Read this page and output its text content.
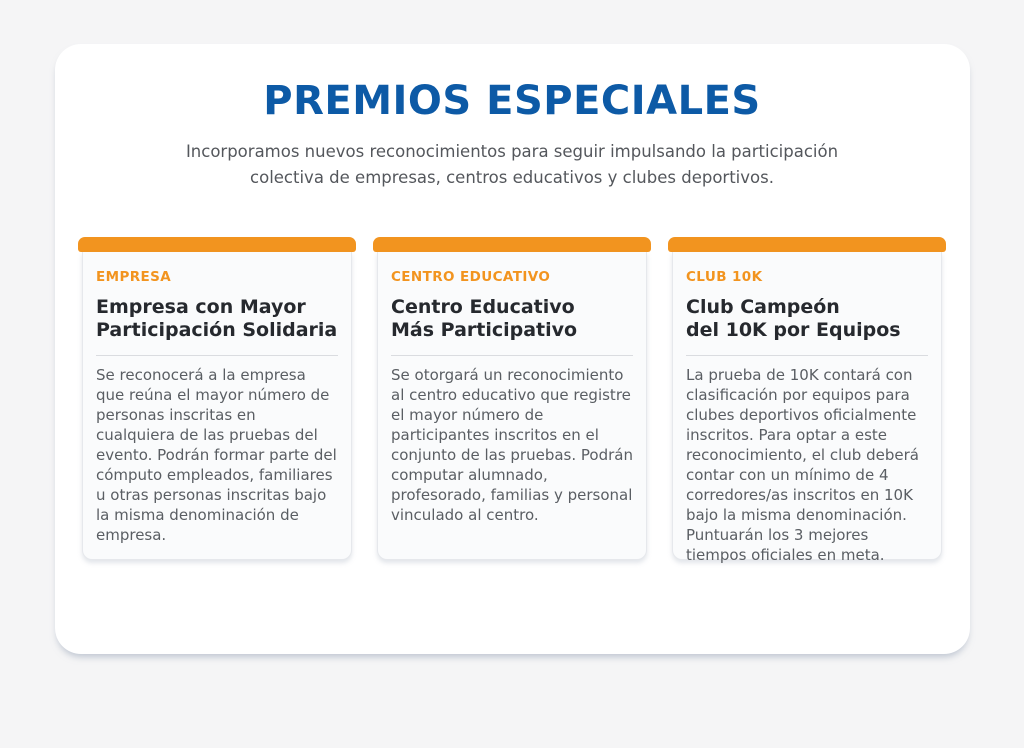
PREMIOS ESPECIALES

Incorporamos nuevos reconocimientos para seguir impulsando la participación
colectiva de empresas, centros educativos y clubes deportivos.

EMPRESA
Empresa con Mayor
Participación Solidaria

Se reconocerá a la empresa que reúna el mayor número de personas inscritas en cualquiera de las pruebas del evento. Podrán formar parte del cómputo empleados, familiares u otras personas inscritas bajo la misma denominación de empresa.

CENTRO EDUCATIVO
Centro Educativo
Más Participativo

Se otorgará un reconocimiento al centro educativo que registre el mayor número de participantes inscritos en el conjunto de las pruebas. Podrán computar alumnado, profesorado, familias y personal vinculado al centro.

CLUB 10K
Club Campeón
del 10K por Equipos

La prueba de 10K contará con clasificación por equipos para clubes deportivos oficialmente inscritos. Para optar a este reconocimiento, el club deberá contar con un mínimo de 4 corredores/as inscritos en 10K bajo la misma denominación. Puntuarán los 3 mejores tiempos oficiales en meta.
